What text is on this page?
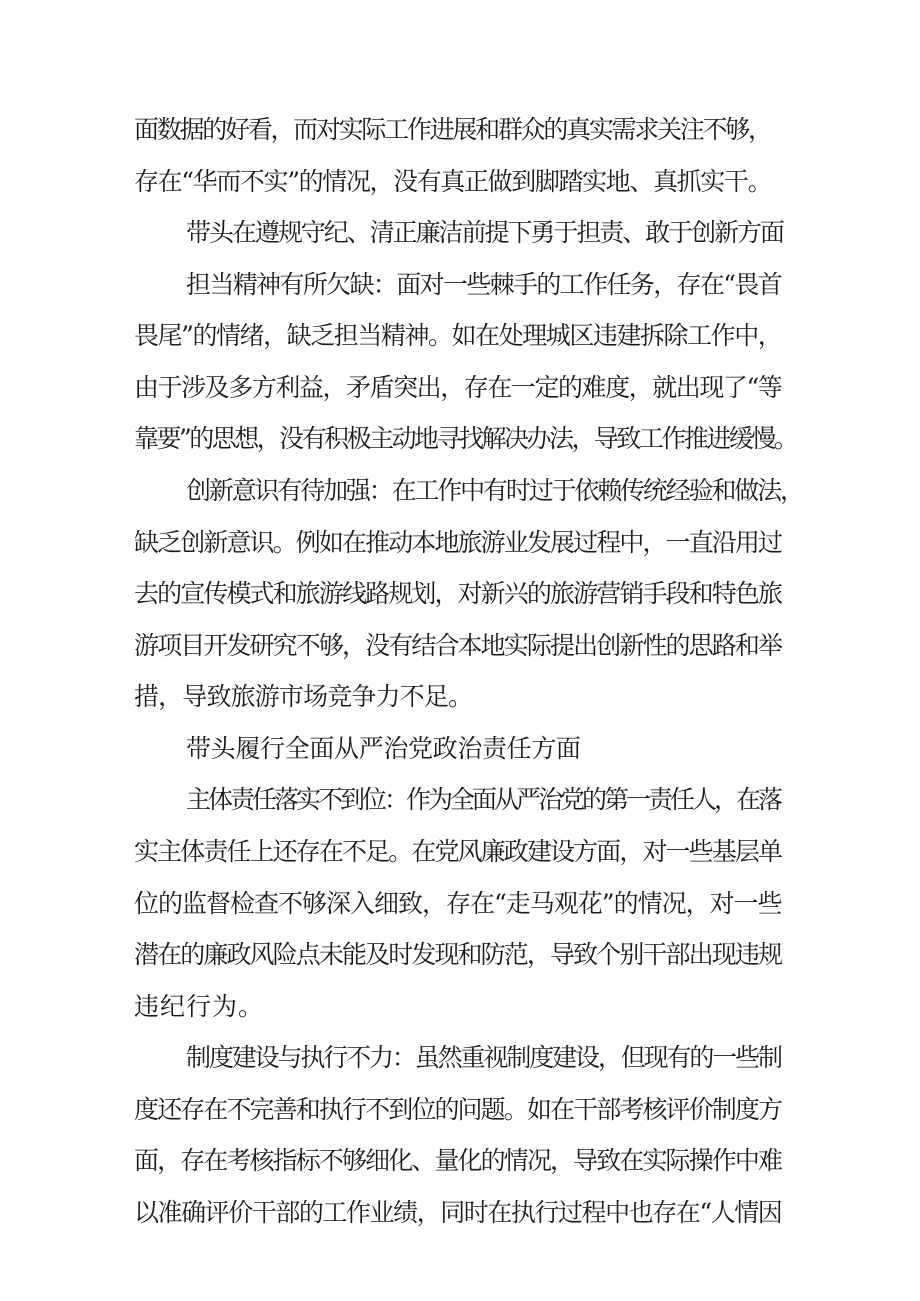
面数据的好看，而对实际工作进展和群众的真实需求关注不够，
存在“华而不实”的情况，没有真正做到脚踏实地、真抓实干。
带头在遵规守纪、清正廉洁前提下勇于担责、敢于创新方面
担当精神有所欠缺：面对一些棘手的工作任务，存在“畏首
畏尾”的情绪，缺乏担当精神。如在处理城区违建拆除工作中，
由于涉及多方利益，矛盾突出，存在一定的难度，就出现了“等
靠要”的思想，没有积极主动地寻找解决办法，导致工作推进缓慢。
创新意识有待加强：在工作中有时过于依赖传统经验和做法，
缺乏创新意识。例如在推动本地旅游业发展过程中，一直沿用过
去的宣传模式和旅游线路规划，对新兴的旅游营销手段和特色旅
游项目开发研究不够，没有结合本地实际提出创新性的思路和举
措，导致旅游市场竞争力不足。
带头履行全面从严治党政治责任方面
主体责任落实不到位：作为全面从严治党的第一责任人，在落
实主体责任上还存在不足。在党风廉政建设方面，对一些基层单
位的监督检查不够深入细致，存在“走马观花”的情况，对一些
潜在的廉政风险点未能及时发现和防范，导致个别干部出现违规
违纪行为。
制度建设与执行不力：虽然重视制度建设，但现有的一些制
度还存在不完善和执行不到位的问题。如在干部考核评价制度方
面，存在考核指标不够细化、量化的情况，导致在实际操作中难
以准确评价干部的工作业绩，同时在执行过程中也存在“人情因
